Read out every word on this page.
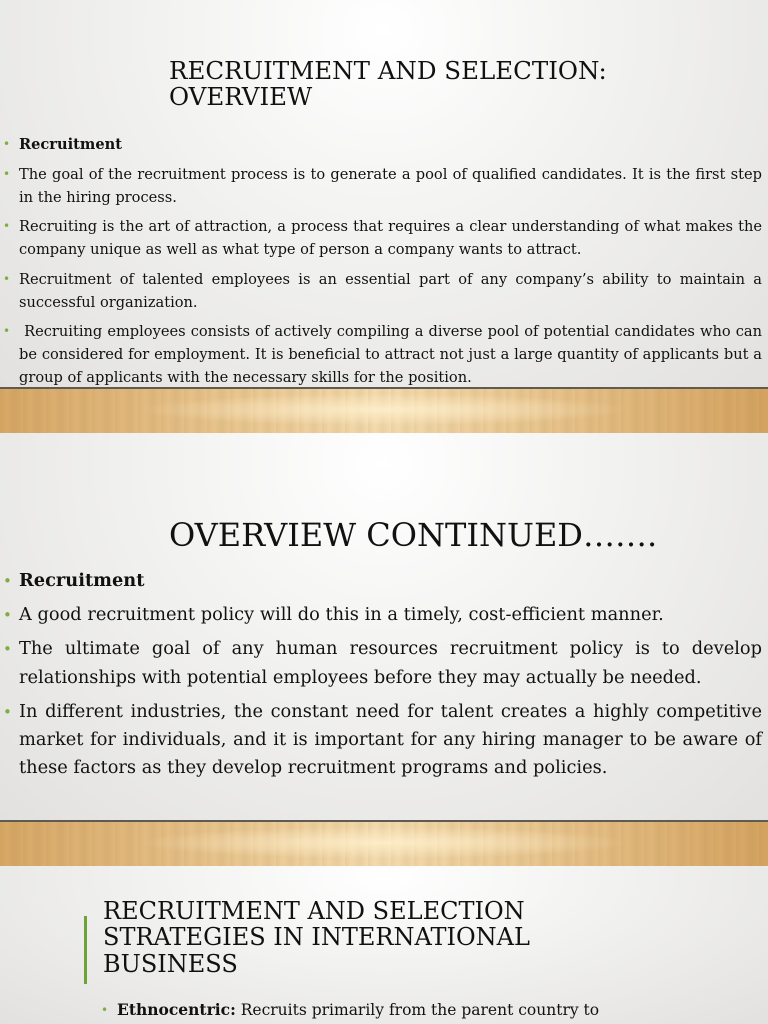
RECRUITMENT AND SELECTION:
OVERVIEW
• Recruitment
• The goal of the recruitment process is to generate a pool of qualified candidates. It is the first step in the hiring process.
• Recruiting is the art of attraction, a process that requires a clear understanding of what makes the company unique as well as what type of person a company wants to attract.
• Recruitment of talented employees is an essential part of any company’s ability to maintain a successful organization.
• Recruiting employees consists of actively compiling a diverse pool of potential candidates who can be considered for employment. It is beneficial to attract not just a large quantity of applicants but a group of applicants with the necessary skills for the position.
OVERVIEW CONTINUED…….
• Recruitment
• A good recruitment policy will do this in a timely, cost-efficient manner.
• The ultimate goal of any human resources recruitment policy is to develop relationships with potential employees before they may actually be needed.
• In different industries, the constant need for talent creates a highly competitive market for individuals, and it is important for any hiring manager to be aware of these factors as they develop recruitment programs and policies.
RECRUITMENT AND SELECTION
STRATEGIES IN INTERNATIONAL
BUSINESS
• Ethnocentric: Recruits primarily from the parent country to
